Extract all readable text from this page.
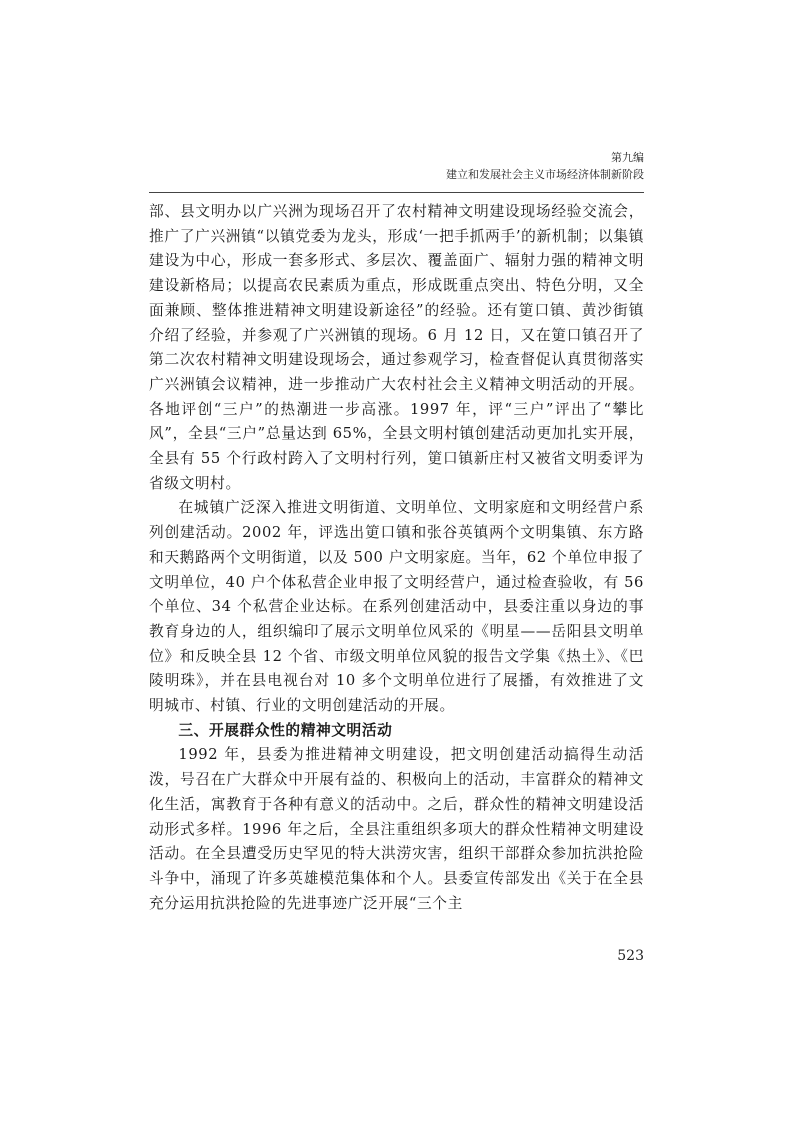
第九编
建立和发展社会主义市场经济体制新阶段

部、县文明办以广兴洲为现场召开了农村精神文明建设现场经验交流会，推广了广兴洲镇“以镇党委为龙头，形成‘一把手抓两手’的新机制；以集镇建设为中心，形成一套多形式、多层次、覆盖面广、辐射力强的精神文明建设新格局；以提高农民素质为重点，形成既重点突出、特色分明，又全面兼顾、整体推进精神文明建设新途径”的经验。还有筻口镇、黄沙街镇介绍了经验，并参观了广兴洲镇的现场。6 月 12 日，又在筻口镇召开了第二次农村精神文明建设现场会，通过参观学习，检查督促认真贯彻落实广兴洲镇会议精神，进一步推动广大农村社会主义精神文明活动的开展。各地评创“三户”的热潮进一步高涨。1997 年，评“三户”评出了“攀比风”，全县“三户”总量达到 65%，全县文明村镇创建活动更加扎实开展，全县有 55 个行政村跨入了文明村行列，筻口镇新庄村又被省文明委评为省级文明村。

在城镇广泛深入推进文明街道、文明单位、文明家庭和文明经营户系列创建活动。2002 年，评选出筻口镇和张谷英镇两个文明集镇、东方路和天鹅路两个文明街道，以及 500 户文明家庭。当年，62 个单位申报了文明单位，40 户个体私营企业申报了文明经营户，通过检查验收，有 56 个单位、34 个私营企业达标。在系列创建活动中，县委注重以身边的事教育身边的人，组织编印了展示文明单位风采的《明星——岳阳县文明单位》和反映全县 12 个省、市级文明单位风貌的报告文学集《热土》、《巴陵明珠》，并在县电视台对 10 多个文明单位进行了展播，有效推进了文明城市、村镇、行业的文明创建活动的开展。

三、开展群众性的精神文明活动

1992 年，县委为推进精神文明建设，把文明创建活动搞得生动活泼，号召在广大群众中开展有益的、积极向上的活动，丰富群众的精神文化生活，寓教育于各种有意义的活动中。之后，群众性的精神文明建设活动形式多样。1996 年之后，全县注重组织多项大的群众性精神文明建设活动。在全县遭受历史罕见的特大洪涝灾害，组织干部群众参加抗洪抢险斗争中，涌现了许多英雄模范集体和个人。县委宣传部发出《关于在全县充分运用抗洪抢险的先进事迹广泛开展“三个主

523
